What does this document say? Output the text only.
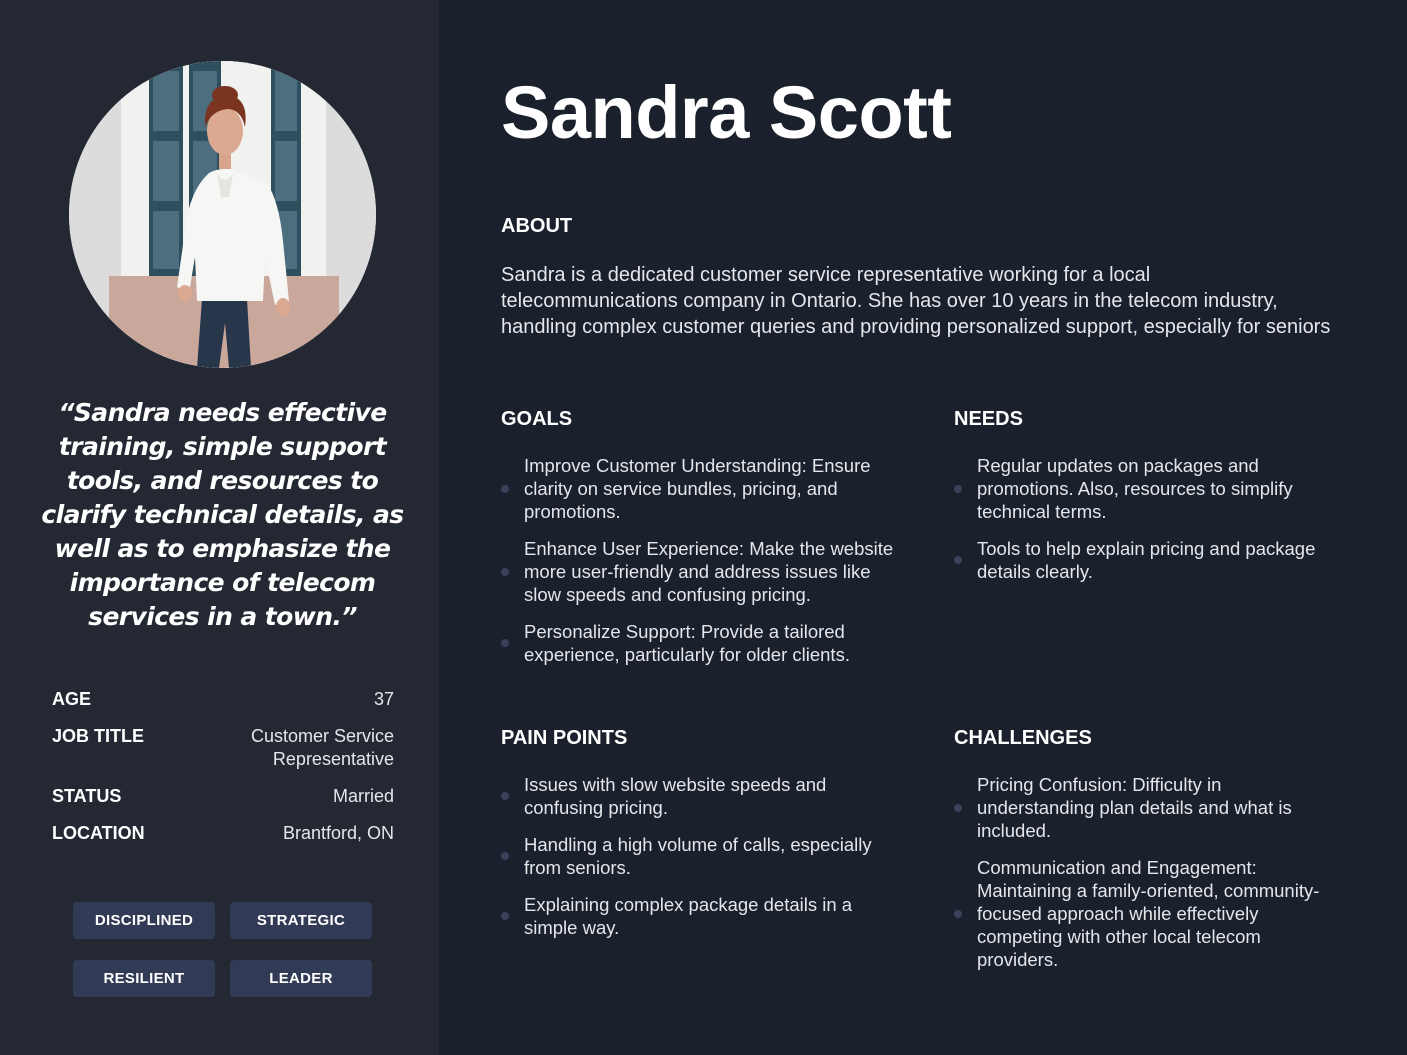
“Sandra needs effective training, simple support tools, and resources to clarify technical details, as well as to emphasize the importance of telecom services in a town.”

AGE	37
JOB TITLE	Customer Service Representative
STATUS	Married
LOCATION	Brantford, ON
DISCIPLINED	STRATEGIC
RESILIENT	LEADER
Sandra Scott
ABOUT

Sandra is a dedicated customer service representative working for a local telecommunications company in Ontario. She has over 10 years in the telecom industry, handling complex customer queries and providing personalized support, especially for seniors

GOALS
Improve Customer Understanding: Ensure clarity on service bundles, pricing, and promotions.
Enhance User Experience: Make the website more user-friendly and address issues like slow speeds and confusing pricing.
Personalize Support: Provide a tailored experience, particularly for older clients.
NEEDS
Regular updates on packages and promotions. Also, resources to simplify technical terms.
Tools to help explain pricing and package details clearly.
PAIN POINTS
Issues with slow website speeds and confusing pricing.
Handling a high volume of calls, especially from seniors.
Explaining complex package details in a simple way.
CHALLENGES
Pricing Confusion: Difficulty in understanding plan details and what is included.
Communication and Engagement: Maintaining a family-oriented, community-focused approach while effectively competing with other local telecom providers.
